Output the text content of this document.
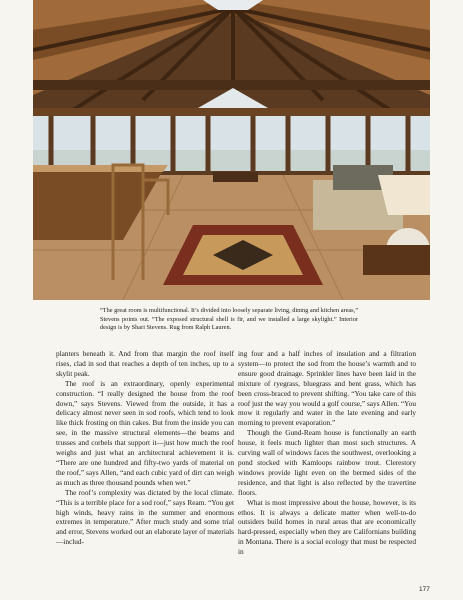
“The great room is multifunctional. It’s divided into loosely separate living, dining and kitchen areas,” Stevens points out. “The exposed structural shell is fir, and we installed a large skylight.” Interior design is by Shari Stevens. Rug from Ralph Lauren.

planters beneath it. And from that margin the roof itself rises, clad in sod that reaches a depth of ten inches, up to a skylit peak.

The roof is an extraordinary, openly experimental construction. “I really designed the house from the roof down,” says Stevens. Viewed from the outside, it has a delicacy almost never seen in sod roofs, which tend to look like thick frosting on thin cakes. But from the inside you can see, in the massive structural elements—the beams and trusses and corbels that support it—just how much the roof weighs and just what an architectural achievement it is. “There are one hundred and fifty-two yards of material on the roof,” says Allen, “and each cubic yard of dirt can weigh as much as three thousand pounds when wet.”

The roof’s complexity was dictated by the local climate. “This is a terrible place for a sod roof,” says Ream. “You get high winds, heavy rains in the summer and enormous extremes in temperature.” After much study and some trial and error, Stevens worked out an elaborate layer of materials—includ-

ing four and a half inches of insulation and a filtration system—to protect the sod from the house’s warmth and to ensure good drainage. Sprinkler lines have been laid in the mixture of ryegrass, bluegrass and bent grass, which has been cross-braced to prevent shifting. “You take care of this roof just the way you would a golf course,” says Allen. “You mow it regularly and water in the late evening and early morning to prevent evaporation.”

Though the Gund-Ream house is functionally an earth house, it feels much lighter than most such structures. A curving wall of windows faces the southwest, overlooking a pond stocked with Kamloops rainbow trout. Clerestory windows provide light even on the bermed sides of the residence, and that light is also reflected by the travertine floors.

What is most impressive about the house, however, is its ethos. It is always a delicate matter when well-to-do outsiders build homes in rural areas that are economically hard-pressed, especially when they are Californians building in Montana. There is a social ecology that must be respected in

177
